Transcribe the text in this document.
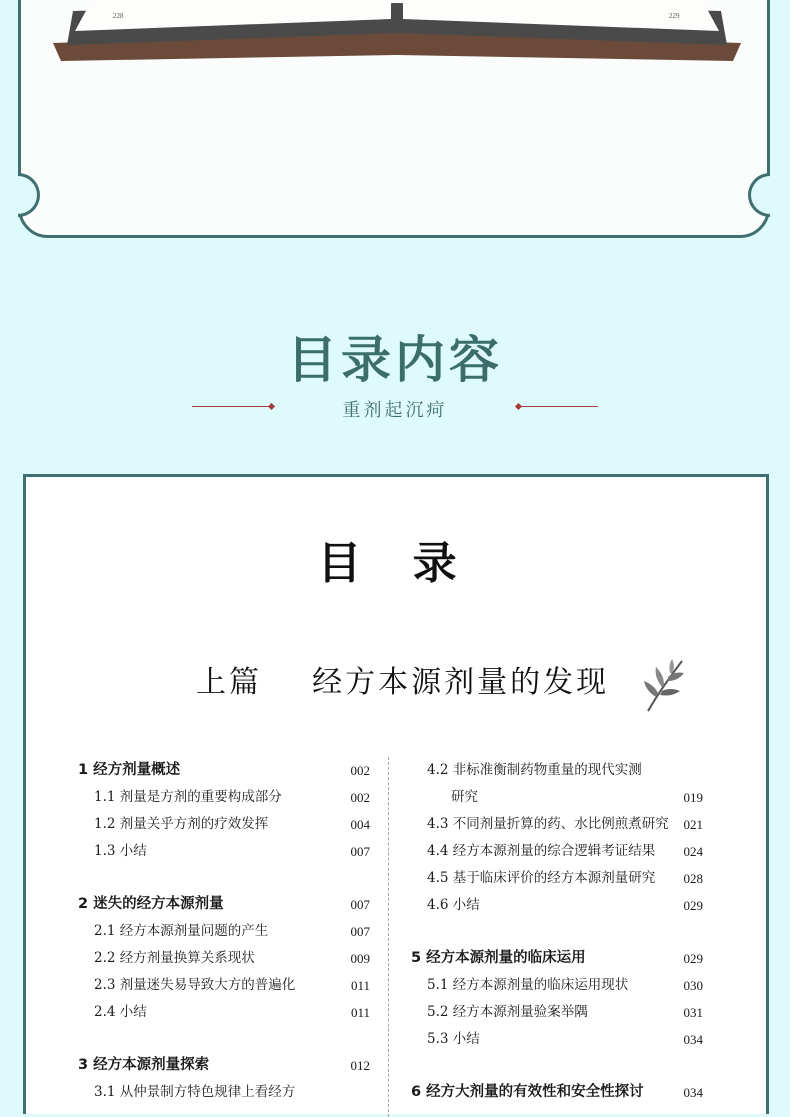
228	229
目录内容
重剂起沉疴
目 录
上篇    经方本源剂量的发现
1 经方剂量概述	002
1.1 剂量是方剂的重要构成部分	002
1.2 剂量关乎方剂的疗效发挥	004
1.3 小结	007
2 迷失的经方本源剂量	007
2.1 经方本源剂量问题的产生	007
2.2 经方剂量换算关系现状	009
2.3 剂量迷失易导致大方的普遍化	011
2.4 小结	011
3 经方本源剂量探索	012
3.1 从仲景制方特色规律上看经方
4.2 非标准衡制药物重量的现代实测
研究	019
4.3 不同剂量折算的药、水比例煎煮研究 021
4.4 经方本源剂量的综合逻辑考证结果 024
4.5 基于临床评价的经方本源剂量研究 028
4.6 小结	029
5 经方本源剂量的临床运用	029
5.1 经方本源剂量的临床运用现状	030
5.2 经方本源剂量验案举隅	031
5.3 小结	034
6 经方大剂量的有效性和安全性探讨	034
